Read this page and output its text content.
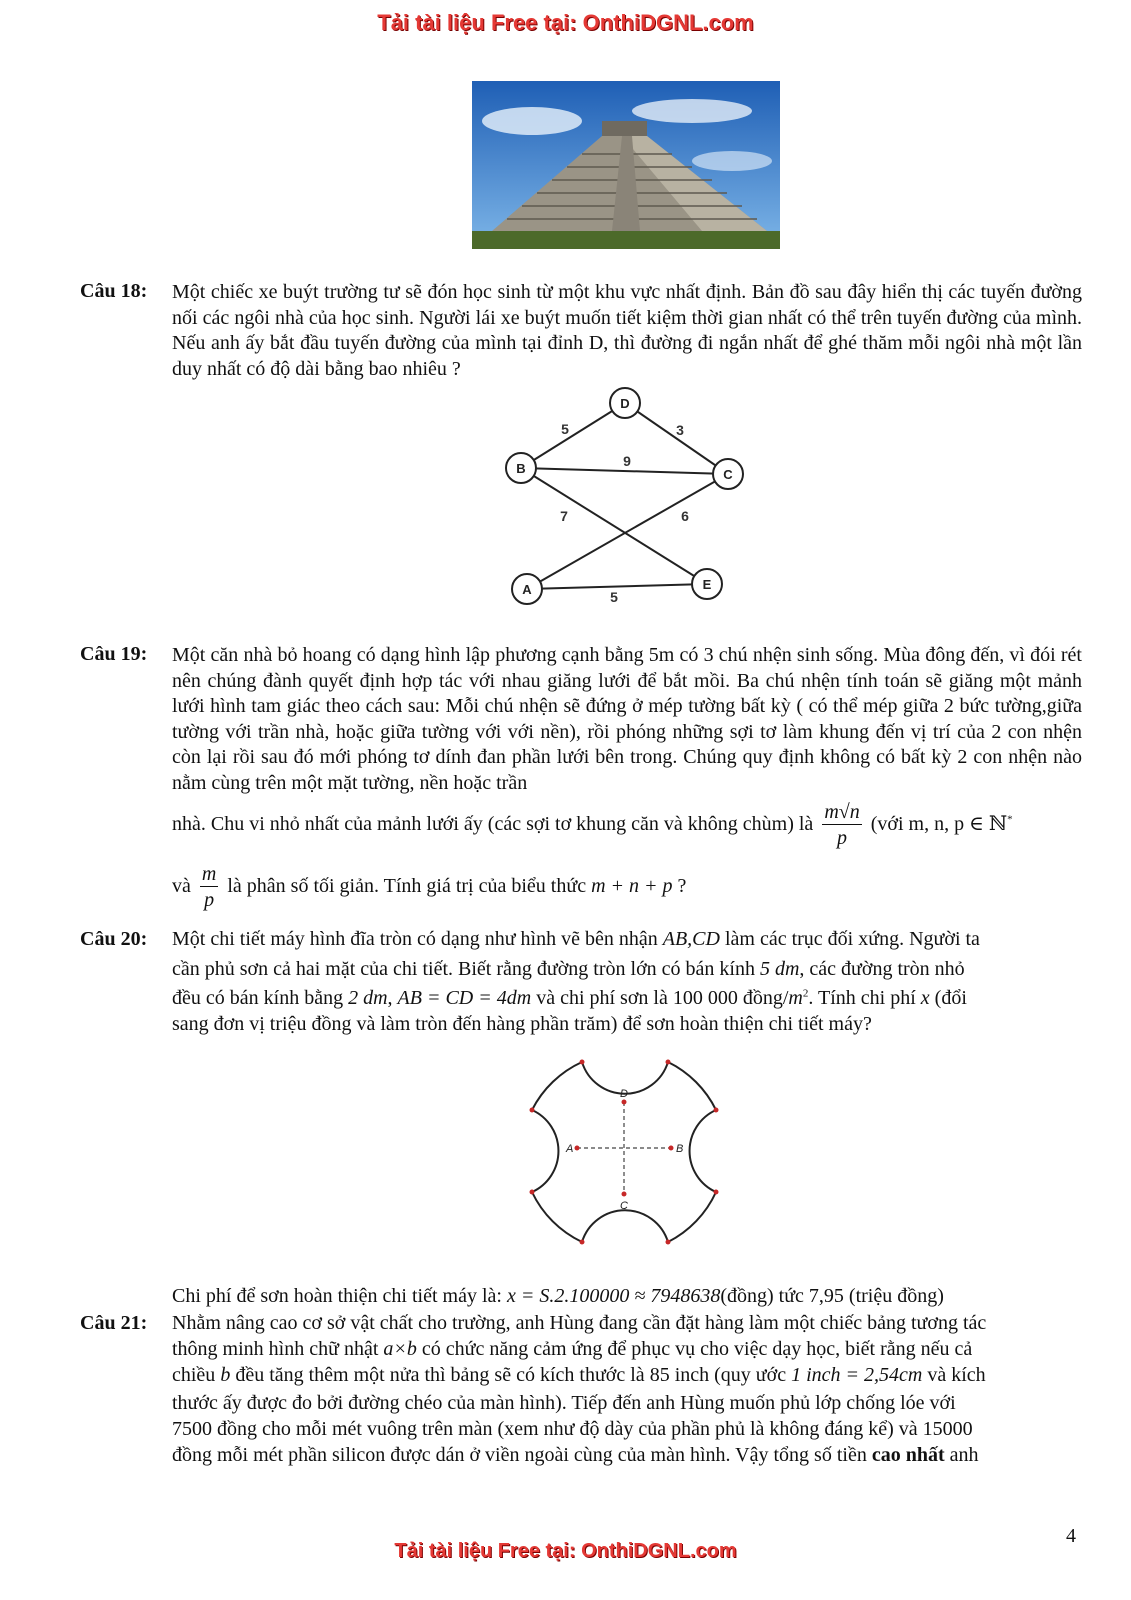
Tải tài liệu Free tại: OnthiDGNL.com
Câu 18: Một chiếc xe buýt trường tư sẽ đón học sinh từ một khu vực nhất định. Bản đồ sau đây hiển thị các tuyến đường nối các ngôi nhà của học sinh. Người lái xe buýt muốn tiết kiệm thời gian nhất có thể trên tuyến đường của mình. Nếu anh ấy bắt đầu tuyến đường của mình tại đỉnh D, thì đường đi ngắn nhất để ghé thăm mỗi ngôi nhà một lần duy nhất có độ dài bằng bao nhiêu ?
D
B	C
A	E
5	3
9
7	6
5
Câu 19: Một căn nhà bỏ hoang có dạng hình lập phương cạnh bằng 5m có 3 chú nhện sinh sống. Mùa đông đến, vì đói rét nên chúng đành quyết định hợp tác với nhau giăng lưới để bắt mồi. Ba chú nhện tính toán sẽ giăng một mảnh lưới hình tam giác theo cách sau: Mỗi chú nhện sẽ đứng ở mép tường bất kỳ ( có thể mép giữa 2 bức tường,giữa tường với trần nhà, hoặc giữa tường với với nền), rồi phóng những sợi tơ làm khung đến vị trí của 2 con nhện còn lại rồi sau đó mới phóng tơ dính đan phần lưới bên trong. Chúng quy định không có bất kỳ 2 con nhện nào nằm cùng trên một mặt tường, nền hoặc trần
nhà. Chu vi nhỏ nhất của mảnh lưới ấy (các sợi tơ khung căn và không chùm) là $\frac{m√n}{p}$ (với m, n, p ∈ ℕ*
và $\frac{m}{p}$ là phân số tối giản. Tính giá trị của biểu thức m + n + p ?
Câu 20: Một chi tiết máy hình đĩa tròn có dạng như hình vẽ bên nhận AB,CD làm các trục đối xứng. Người ta
cần phủ sơn cả hai mặt của chi tiết. Biết rằng đường tròn lớn có bán kính 5 dm, các đường tròn nhỏ
đều có bán kính bằng 2 dm, AB = CD = 4dm và chi phí sơn là 100 000 đồng/$m^2$. Tính chi phí x (đổi
sang đơn vị triệu đồng và làm tròn đến hàng phần trăm) để sơn hoàn thiện chi tiết máy?
D
A	B
C
Chi phí để sơn hoàn thiện chi tiết máy là: x = S.2.100000 ≈ 7948638(đồng) tức 7,95 (triệu đồng)
Câu 21: Nhằm nâng cao cơ sở vật chất cho trường, anh Hùng đang cần đặt hàng làm một chiếc bảng tương tác
thông minh hình chữ nhật a×b có chức năng cảm ứng để phục vụ cho việc dạy học, biết rằng nếu cả
chiều b đều tăng thêm một nửa thì bảng sẽ có kích thước là 85 inch (quy ước 1 inch = 2,54cm và kích
thước ấy được đo bởi đường chéo của màn hình). Tiếp đến anh Hùng muốn phủ lớp chống lóe với
7500 đồng cho mỗi mét vuông trên màn (xem như độ dày của phần phủ là không đáng kể) và 15000
đồng mỗi mét phần silicon được dán ở viền ngoài cùng của màn hình. Vậy tổng số tiền cao nhất anh
4
Tải tài liệu Free tại: OnthiDGNL.com
